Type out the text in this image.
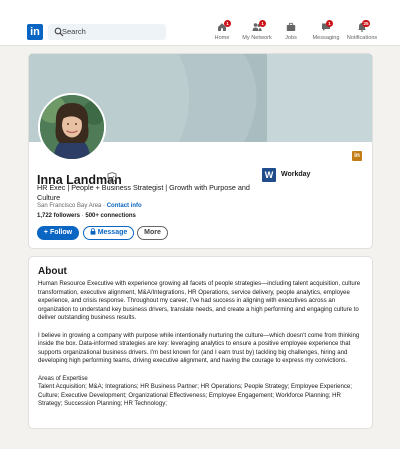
in	Search
1
Home
1
My Network	Jobs
1
Messaging
25
Notifications
Inna Landman
HR Exec | People + Business Strategist | Growth with Purpose and Culture
San Francisco Bay Area · Contact info
1,722 followers · 500+ connections
+ Follow	Message	More
W	Workday
in
About

Human Resource Executive with experience growing all facets of people strategies—including talent acquisition, culture transformation, executive alignment, M&A/Integrations, HR Operations, service delivery, people analytics, employee experience, and crisis response. Throughout my career, I've had success in aligning with executives across an organization to understand key business drivers, translate needs, and create a high performing and engaging culture to deliver outstanding business results.

I believe in growing a company with purpose while intentionally nurturing the culture—which doesn't come from thinking inside the box. Data-informed strategies are key: leveraging analytics to ensure a positive employee experience that supports organizational business drivers. I'm best known for (and I earn trust by) tackling big challenges, hiring and developing high performing teams, driving executive alignment, and having the courage to express my convictions.

Areas of Expertise
Talent Acquisition; M&A; Integrations; HR Business Partner; HR Operations; People Strategy; Employee Experience; Culture; Executive Development; Organizational Effectiveness; Employee Engagement; Workforce Planning; HR Strategy; Succession Planning; HR Technology;
